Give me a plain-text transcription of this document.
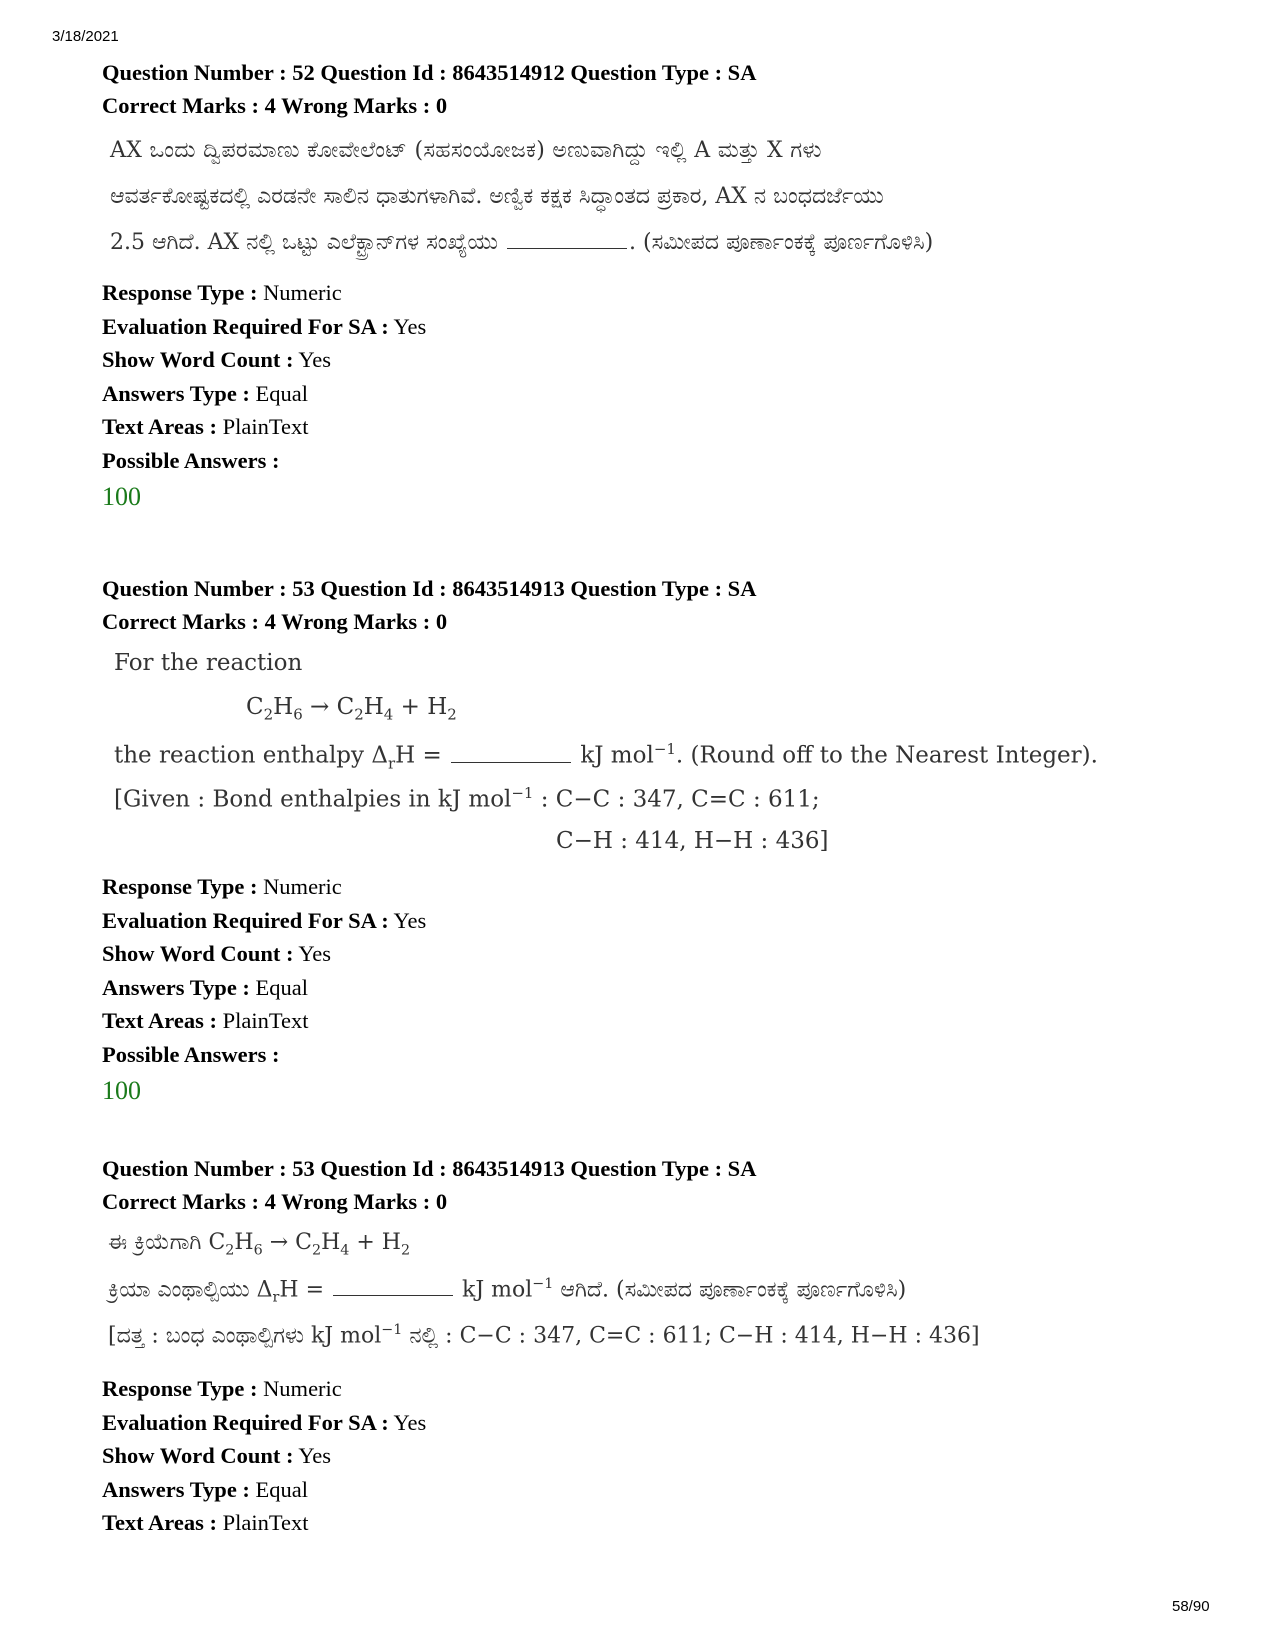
3/18/2021
Question Number : 52 Question Id : 8643514912 Question Type : SA
Correct Marks : 4 Wrong Marks : 0
AX ಒಂದು ದ್ವಿಪರಮಾಣು ಕೋವೇಲೆಂಟ್ (ಸಹಸಂಯೋಜಕ) ಅಣುವಾಗಿದ್ದು ಇಲ್ಲಿ A ಮತ್ತು X ಗಳು
ಆವರ್ತಕೋಷ್ಟಕದಲ್ಲಿ ಎರಡನೇ ಸಾಲಿನ ಧಾತುಗಳಾಗಿವೆ. ಅಣ್ವಿಕ ಕಕ್ಷಕ ಸಿದ್ಧಾಂತದ ಪ್ರಕಾರ, AX ನ ಬಂಧದರ್ಜೆಯು
2.5 ಆಗಿದೆ. AX ನಲ್ಲಿ ಒಟ್ಟು ಎಲೆಕ್ಟ್ರಾನ್‌ಗಳ ಸಂಖ್ಯೆಯು	. (ಸಮೀಪದ ಪೂರ್ಣಾಂಕಕ್ಕೆ ಪೂರ್ಣಗೊಳಿಸಿ)
Response Type : Numeric
Evaluation Required For SA : Yes
Show Word Count : Yes
Answers Type : Equal
Text Areas : PlainText
Possible Answers :
100
Question Number : 53 Question Id : 8643514913 Question Type : SA
Correct Marks : 4 Wrong Marks : 0
For the reaction
$C_2H_6 \to C_2H_4 + H_2$
the reaction enthalpy $\Delta_rH$ =	kJ mol$^{-1}$. (Round off to the Nearest Integer).
[Given : Bond enthalpies in kJ mol$^{-1}$ : C−C : 347, C=C : 611;
C−H : 414, H−H : 436]
Response Type : Numeric
Evaluation Required For SA : Yes
Show Word Count : Yes
Answers Type : Equal
Text Areas : PlainText
Possible Answers :
100
Question Number : 53 Question Id : 8643514913 Question Type : SA
Correct Marks : 4 Wrong Marks : 0
ಈ ಕ್ರಿಯೆಗಾಗಿ $C_2H_6 \to C_2H_4 + H_2$
ಕ್ರಿಯಾ ಎಂಥಾಲ್ಪಿಯು $\Delta_rH$ =	kJ mol$^{-1}$ ಆಗಿದೆ. (ಸಮೀಪದ ಪೂರ್ಣಾಂಕಕ್ಕೆ ಪೂರ್ಣಗೊಳಿಸಿ)
[ದತ್ತ : ಬಂಧ ಎಂಥಾಲ್ಪಿಗಳು kJ mol$^{-1}$ ನಲ್ಲಿ : C−C : 347, C=C : 611; C−H : 414, H−H : 436]
Response Type : Numeric
Evaluation Required For SA : Yes
Show Word Count : Yes
Answers Type : Equal
Text Areas : PlainText
58/90
